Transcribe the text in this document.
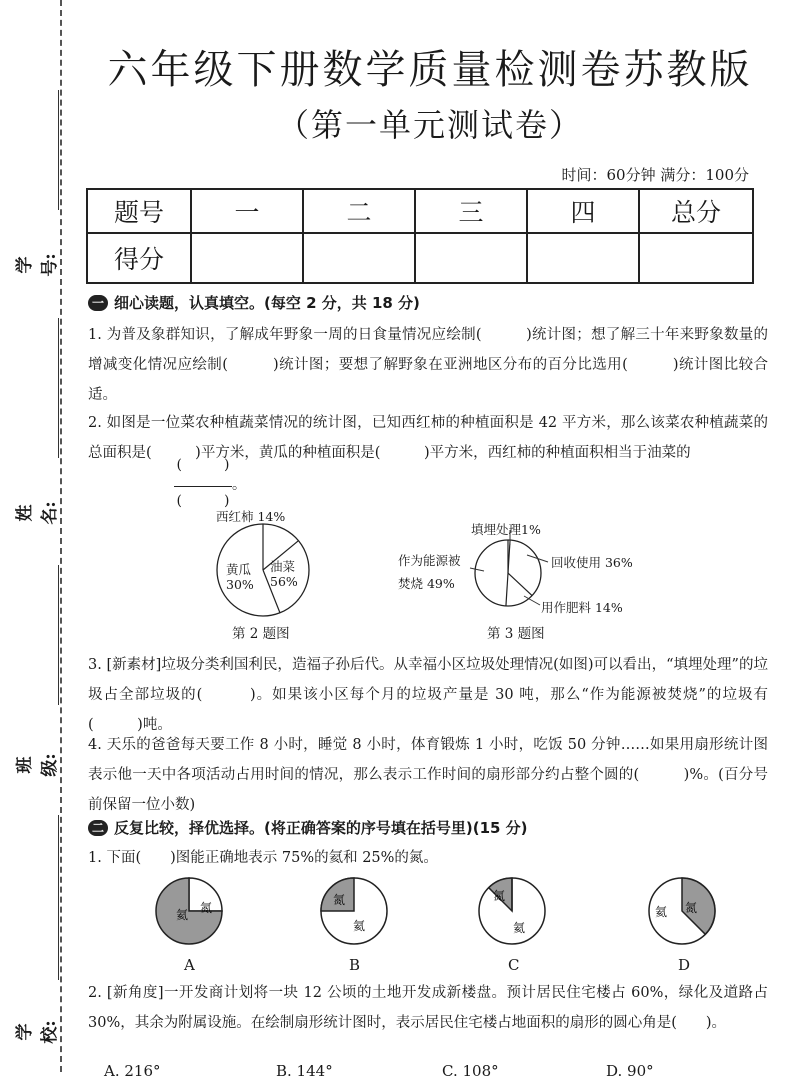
学号:
姓名:
班级:
学校:
六年级下册数学质量检测卷苏教版
（第一单元测试卷）
时间：60分钟 满分：100分
题号	一	二	三	四	总分
得分					
一 细心读题，认真填空。(每空 2 分，共 18 分)
1. 为普及象群知识，了解成年野象一周的日食量情况应绘制(　　　)统计图；想了解三十年来野象数量的增减变化情况应绘制(　　　)统计图；要想了解野象在亚洲地区分布的百分比选用(　　　)统计图比较合适。
2. 如图是一位菜农种植蔬菜情况的统计图，已知西红柿的种植面积是 42 平方米，那么该菜农种植蔬菜的总面积是(　　　)平方米，黄瓜的种植面积是(　　　)平方米，西红柿的种植面积相当于油菜的
(　　　)
(　　　)
。
西红柿 14%
黄瓜
30%
油菜
56%
第 2 题图
填埋处理1%
回收使用 36%
用作肥料 14%
作为能源被
焚烧 49%
第 3 题图
3. [新素材]垃圾分类利国利民，造福子孙后代。从幸福小区垃圾处理情况(如图)可以看出，“填埋处理”的垃圾占全部垃圾的(　　　)。如果该小区每个月的垃圾产量是 30 吨，那么“作为能源被焚烧”的垃圾有(　　　)吨。
4. 天乐的爸爸每天要工作 8 小时，睡觉 8 小时，体育锻炼 1 小时，吃饭 50 分钟……如果用扇形统计图表示他一天中各项活动占用时间的情况，那么表示工作时间的扇形部分约占整个圆的(　　　)%。(百分号前保留一位小数)
二 反复比较，择优选择。(将正确答案的序号填在括号里)(15 分)
1. 下面(　　)图能正确地表示 75%的氦和 25%的氮。
氦 氮
A
氮
氦
B
氮
氦
C
氮
氦
D
2. [新角度]一开发商计划将一块 12 公顷的土地开发成新楼盘。预计居民住宅楼占 60%，绿化及道路占 30%，其余为附属设施。在绘制扇形统计图时，表示居民住宅楼占地面积的扇形的圆心角是(　　)。
A. 216°	B. 144°	C. 108°	D. 90°
